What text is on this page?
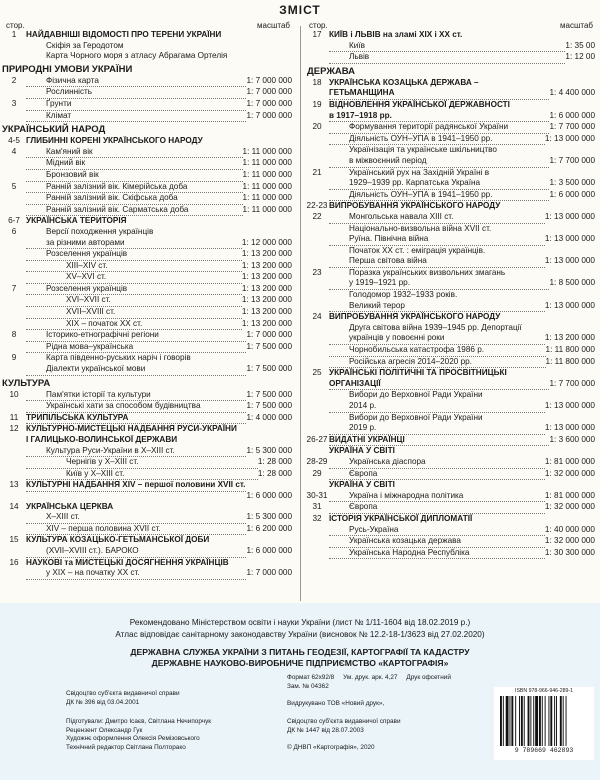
ЗМІСТ
стор.	масштаб
1	НАЙДАВНІШІ ВІДОМОСТІ ПРО ТЕРЕНИ УКРАЇНИ
Скіфія за Геродотом
Карта Чорного моря з атласу Абрагама Ортелія
ПРИРОДНІ УМОВИ УКРАЇНИ
2	Фізична карта	1: 7 000 000
Рослинність	1: 7 000 000
3	Ґрунти	1: 7 000 000
Клімат	1: 7 000 000
УКРАЇНСЬКИЙ НАРОД
4-5 ГЛИБИННІ КОРЕНІ УКРАЇНСЬКОГО НАРОДУ
4	Кам'яний вік	1: 11 000 000
Мідний вік	1: 11 000 000
Бронзовий вік	1: 11 000 000
5	Ранній залізний вік. Кімерійська доба	1: 11 000 000
Ранній залізний вік. Скіфська доба	1: 11 000 000
Ранній залізний вік. Сарматська доба	1: 11 000 000
6-7 УКРАЇНСЬКА ТЕРИТОРІЯ
6	Версії походження українців
за різними авторами	1: 12 000 000
Розселення українців	1: 13 200 000
XIII–XIV ст.	1: 13 200 000
XV–XVI ст.	1: 13 200 000
7	Розселення українців	1: 13 200 000
XVI–XVII ст.	1: 13 200 000
XVII–XVIII ст.	1: 13 200 000
XIX – початок XX ст.	1: 13 200 000
8	Історико-етнографічні регіони	1: 7 000 000
Рідна мова–українська	1: 7 500 000
9	Карта південно-руських наріч і говорів
Діалекти української мови	1: 7 500 000
КУЛЬТУРА
10	Пам'ятки історії та культури	1: 7 500 000
Українські хати за способом будівництва	1: 7 500 000
11 ТРИПІЛЬСЬКА КУЛЬТУРА	1: 4 000 000
12 КУЛЬТУРНО-МИСТЕЦЬКІ НАДБАННЯ РУСИ-УКРАЇНИ
І ГАЛИЦЬКО-ВОЛИНСЬКОЇ ДЕРЖАВИ
Культура Руси-України в X–XIII ст.	1: 5 300 000
Чернігів у X–XIII ст.	1: 28 000
Київ у X–XIII ст.	1: 28 000
13 КУЛЬТУРНІ НАДБАННЯ XIV – першої половини XVII ст.
1: 6 000 000
14 УКРАЇНСЬКА ЦЕРКВА
X–XIII ст.	1: 5 300 000
XIV – перша половина XVII ст.	1: 6 200 000
15 КУЛЬТУРА КОЗАЦЬКО-ГЕТЬМАНСЬКОЇ ДОБИ
(XVII–XVIII ст.). БАРОКО	1: 6 000 000
16 НАУКОВІ та МИСТЕЦЬКІ ДОСЯГНЕННЯ УКРАЇНЦІВ
у XIX – на початку XX ст.	1: 7 000 000
стор.	масштаб
17 КИЇВ і ЛЬВІВ на зламі XIX і XX ст.
Київ	1: 35 00
Львів	1: 12 00
ДЕРЖАВА
18 УКРАЇНСЬКА КОЗАЦЬКА ДЕРЖАВА –
ГЕТЬМАНЩИНА	1: 4 400 000
19 ВІДНОВЛЕННЯ УКРАЇНСЬКОЇ ДЕРЖАВНОСТІ
в 1917–1918 рр.	1: 6 000 000
20	Формування території радянської України	1: 7 700 000
Діяльність ОУН–УПА в 1941–1950 рр.	1: 13 000 000
Українізація та українське шкільництво
в міжвоєнний період	1: 7 700 000
21	Український рух на Західній Україні в
1929–1939 рр. Карпатська Україна	1: 3 500 000
Діяльність ОУН–УПА в 1941–1950 рр.	1: 6 000 000
22-23 ВИПРОБУВАННЯ УКРАЇНСЬКОГО НАРОДУ
22	Монгольська навала XIII ст.	1: 13 000 000
Національно-визвольна війна XVII ст.
Руїна. Північна війна	1: 13 000 000
Початок XX ст. : еміграція українців.
Перша світова війна	1: 13 000 000
23	Поразка українських визвольних змагань
у 1919–1921 рр.	1: 8 500 000
Голодомор 1932–1933 років.
Великий терор	1: 13 000 000
24 ВИПРОБУВАННЯ УКРАЇНСЬКОГО НАРОДУ
Друга світова війна 1939–1945 рр. Депортації
українців у повоєнні роки	1: 13 200 000
Чорнобильська катастрофа 1986 р.	1: 11 800 000
Російська агресія 2014–2020 рр.	1: 11 800 000
25 УКРАЇНСЬКІ ПОЛІТИЧНІ ТА ПРОСВІТНИЦЬКІ
ОРГАНІЗАЦІЇ	1: 7 700 000
Вибори до Верховної Ради України
2014 р.	1: 13 000 000
Вибори до Верховної Ради України
2019 р.	1: 13 000 000
26-27 ВИДАТНІ УКРАЇНЦІ	1: 3 600 000
УКРАЇНА У СВІТІ
28-29	Українська діаспора	1: 81 000 000
29	Європа	1: 32 000 000
УКРАЇНА У СВІТІ
30-31	Україна і міжнародна політика	1: 81 000 000
31	Європа	1: 32 000 000
32 ІСТОРІЯ УКРАЇНСЬКОЇ ДИПЛОМАТІЇ
Русь-Україна	1: 40 000 000
Українська козацька держава	1: 32 000 000
Українська Народна Республіка	1: 30 300 000
Рекомендовано Міністерством освіти і науки України (лист № 1/11-1604 від 18.02.2019 р.)
Атлас відповідає санітарному законодавству України (висновок № 12.2-18-1/3623 від 27.02.2020)
ДЕРЖАВНА СЛУЖБА УКРАЇНИ З ПИТАНЬ ГЕОДЕЗІЇ, КАРТОГРАФІЇ ТА КАДАСТРУ
ДЕРЖАВНЕ НАУКОВО-ВИРОБНИЧЕ ПІДПРИЄМСТВО «КАРТОГРАФІЯ»
Свідоцтво суб'єкта видавничої справи
ДК № 396 від 03.04.2001
Підготували: Дмитро Ісаєв, Світлана Нечипорчук
Рецензент Олександр Гук
Художнє оформлення Олексія Ремізовського
Технічний редактор Світлана Полторако
Формат 62x92/8 Ум. друк. арк. 4,27 Друк офсетний
Зам. № 04362
Видрукувано ТОВ «Новий друк»,
Свідоцтво суб'єкта видавничої справи
ДК № 1447 від 28.07.2003
© ДНВП «Картографія», 2020
ISBN 978-966-946-289-1
9 789669 462893
